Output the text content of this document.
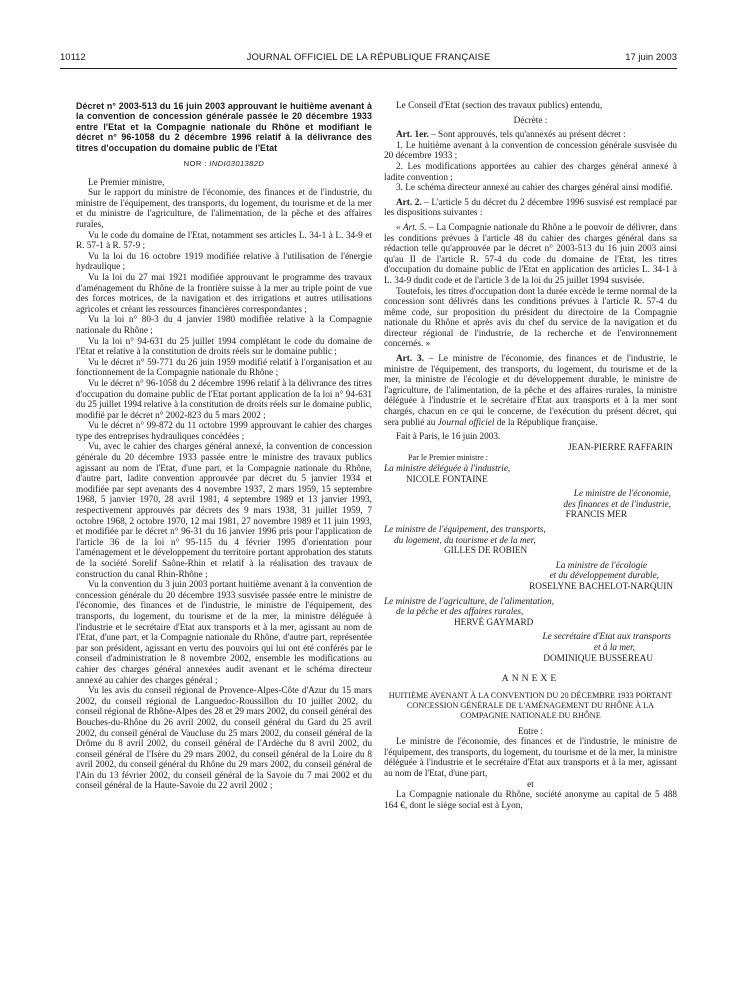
10112	JOURNAL OFFICIEL DE LA RÉPUBLIQUE FRANÇAISE	17 juin 2003

Décret n° 2003-513 du 16 juin 2003 approuvant le huitième avenant à la convention de concession générale passée le 20 décembre 1933 entre l'Etat et la Compagnie nationale du Rhône et modifiant le décret n° 96-1058 du 2 décembre 1996 relatif à la délivrance des titres d'occupation du domaine public de l'Etat

NOR : INDI0301382D

Le Premier ministre,

Sur le rapport du ministre de l'économie, des finances et de l'industrie, du ministre de l'équipement, des transports, du logement, du tourisme et de la mer et du ministre de l'agriculture, de l'alimentation, de la pêche et des affaires rurales,

Vu le code du domaine de l'Etat, notamment ses articles L. 34-1 à L. 34-9 et R. 57-1 à R. 57-9 ;

Vu la loi du 16 octobre 1919 modifiée relative à l'utilisation de l'énergie hydraulique ;

Vu la loi du 27 mai 1921 modifiée approuvant le programme des travaux d'aménagement du Rhône de la frontière suisse à la mer au triple point de vue des forces motrices, de la navigation et des irrigations et autres utilisations agricoles et créant les ressources financières correspondantes ;

Vu la loi n° 80-3 du 4 janvier 1980 modifiée relative à la Compagnie nationale du Rhône ;

Vu la loi n° 94-631 du 25 juillet 1994 complétant le code du domaine de l'Etat et relative à la constitution de droits réels sur le domaine public ;

Vu le décret n° 59-771 du 26 juin 1959 modifié relatif à l'organisation et au fonctionnement de la Compagnie nationale du Rhône ;

Vu le décret n° 96-1058 du 2 décembre 1996 relatif à la délivrance des titres d'occupation du domaine public de l'Etat portant application de la loi n° 94-631 du 25 juillet 1994 relative à la constitution de droits réels sur le domaine public, modifié par le décret n° 2002-823 du 5 mars 2002 ;

Vu le décret n° 99-872 du 11 octobre 1999 approuvant le cahier des charges type des entreprises hydrauliques concédées ;

Vu, avec le cahier des charges général annexé, la convention de concession générale du 20 décembre 1933 passée entre le ministre des travaux publics agissant au nom de l'Etat, d'une part, et la Compagnie nationale du Rhône, d'autre part, ladite convention approuvée par décret du 5 janvier 1934 et modifiée par sept avenants des 4 novembre 1937, 2 mars 1959, 15 septembre 1968, 5 janvier 1970, 28 avril 1981, 4 septembre 1989 et 13 janvier 1993, respectivement approuvés par décrets des 9 mars 1938, 31 juillet 1959, 7 octobre 1968, 2 octobre 1970, 12 mai 1981, 27 novembre 1989 et 11 juin 1993, et modifiée par le décret n° 96-31 du 16 janvier 1996 pris pour l'application de l'article 36 de la loi n° 95-115 du 4 février 1995 d'orientation pour l'aménagement et le développement du territoire portant approbation des statuts de la société Sorelif Saône-Rhin et relatif à la réalisation des travaux de construction du canal Rhin-Rhône ;

Vu la convention du 3 juin 2003 portant huitième avenant à la convention de concession générale du 20 décembre 1933 susvisée passée entre le ministre de l'économie, des finances et de l'industrie, le ministre de l'équipement, des transports, du logement, du tourisme et de la mer, la ministre déléguée à l'industrie et le secrétaire d'Etat aux transports et à la mer, agissant au nom de l'Etat, d'une part, et la Compagnie nationale du Rhône, d'autre part, représentée par son président, agissant en vertu des pouvoirs qui lui ont été conférés par le conseil d'administration le 8 novembre 2002, ensemble les modifications au cahier des charges général annexées audit avenant et le schéma directeur annexé au cahier des charges général ;

Vu les avis du conseil régional de Provence-Alpes-Côte d'Azur du 15 mars 2002, du conseil régional de Languedoc-Roussillon du 10 juillet 2002, du conseil régional de Rhône-Alpes des 28 et 29 mars 2002, du conseil général des Bouches-du-Rhône du 26 avril 2002, du conseil général du Gard du 25 avril 2002, du conseil général de Vaucluse du 25 mars 2002, du conseil général de la Drôme du 8 avril 2002, du conseil général de l'Ardèche du 8 avril 2002, du conseil général de l'Isère du 29 mars 2002, du conseil général de la Loire du 8 avril 2002, du conseil général du Rhône du 29 mars 2002, du conseil général de l'Ain du 13 février 2002, du conseil général de la Savoie du 7 mai 2002 et du conseil général de la Haute-Savoie du 22 avril 2002 ;

Le Conseil d'Etat (section des travaux publics) entendu,

Décrète :

Art. 1er. – Sont approuvés, tels qu'annexés au présent décret :

1. Le huitième avenant à la convention de concession générale susvisée du 20 décembre 1933 ;

2. Les modifications apportées au cahier des charges général annexé à ladite convention ;

3. Le schéma directeur annexé au cahier des charges général ainsi modifié.

Art. 2. – L'article 5 du décret du 2 décembre 1996 susvisé est remplacé par les dispositions suivantes :

« Art. 5. – La Compagnie nationale du Rhône a le pouvoir de délivrer, dans les conditions prévues à l'article 48 du cahier des charges général dans sa rédaction telle qu'approuvée par le décret n° 2003-513 du 16 juin 2003 ainsi qu'au II de l'article R. 57-4 du code du domaine de l'Etat, les titres d'occupation du domaine public de l'Etat en application des articles L. 34-1 à L. 34-9 dudit code et de l'article 3 de la loi du 25 juillet 1994 susvisée.

Toutefois, les titres d'occupation dont la durée excède le terme normal de la concession sont délivrés dans les conditions prévues à l'article R. 57-4 du même code, sur proposition du président du directoire de la Compagnie nationale du Rhône et après avis du chef du service de la navigation et du directeur régional de l'industrie, de la recherche et de l'environnement concernés. »

Art. 3. – Le ministre de l'économie, des finances et de l'industrie, le ministre de l'équipement, des transports, du logement, du tourisme et de la mer, la ministre de l'écologie et du développement durable, le ministre de l'agriculture, de l'alimentation, de la pêche et des affaires rurales, la ministre déléguée à l'industrie et le secrétaire d'Etat aux transports et à la mer sont chargés, chacun en ce qui le concerne, de l'exécution du présent décret, qui sera publié au Journal officiel de la République française.

Fait à Paris, le 16 juin 2003.

JEAN-PIERRE RAFFARIN

Par le Premier ministre :

La ministre déléguée à l'industrie,

NICOLE FONTAINE

Le ministre de l'économie,

des finances et de l'industrie,

FRANCIS MER

Le ministre de l'équipement, des transports,

du logement, du tourisme et de la mer,

GILLES DE ROBIEN

La ministre de l'écologie

et du développement durable,

ROSELYNE BACHELOT-NARQUIN

Le ministre de l'agriculture, de l'alimentation,

de la pêche et des affaires rurales,

HERVÉ GAYMARD

Le secrétaire d'Etat aux transports

et à la mer,

DOMINIQUE BUSSEREAU

ANNEXE

HUITIÈME AVENANT À LA CONVENTION DU 20 DÉCEMBRE 1933 PORTANT CONCESSION GÉNÉRALE DE L'AMÉNAGEMENT DU RHÔNE À LA COMPAGNIE NATIONALE DU RHÔNE

Entre :

Le ministre de l'économie, des finances et de l'industrie, le ministre de l'équipement, des transports, du logement, du tourisme et de la mer, la ministre déléguée à l'industrie et le secrétaire d'Etat aux transports et à la mer, agissant au nom de l'Etat, d'une part,

et

La Compagnie nationale du Rhône, société anonyme au capital de 5 488 164 €, dont le siège social est à Lyon,
